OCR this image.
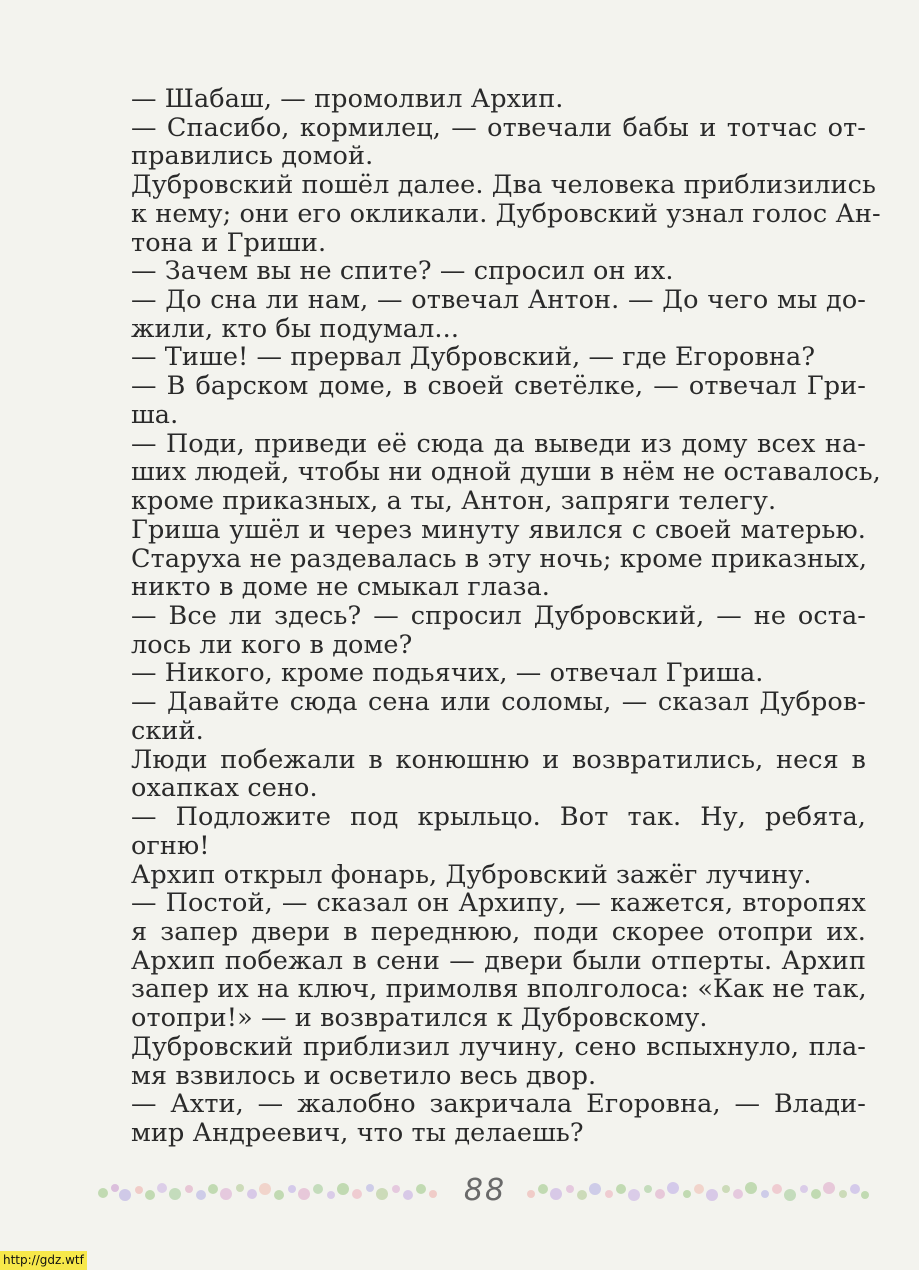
— Шабаш, — промолвил Архип.
— Спасибо, кормилец, — отвечали бабы и тотчас от-
правились домой.
Дубровский пошёл далее. Два человека приблизились
к нему; они его окликали. Дубровский узнал голос Ан-
тона и Гриши.
— Зачем вы не спите? — спросил он их.
— До сна ли нам, — отвечал Антон. — До чего мы до-
жили, кто бы подумал...
— Тише! — прервал Дубровский, — где Егоровна?
— В барском доме, в своей светёлке, — отвечал Гри-
ша.
— Поди, приведи её сюда да выведи из дому всех на-
ших людей, чтобы ни одной души в нём не оставалось,
кроме приказных, а ты, Антон, запряги телегу.
Гриша ушёл и через минуту явился с своей матерью.
Старуха не раздевалась в эту ночь; кроме приказных,
никто в доме не смыкал глаза.
— Все ли здесь? — спросил Дубровский, — не оста-
лось ли кого в доме?
— Никого, кроме подьячих, — отвечал Гриша.
— Давайте сюда сена или соломы, — сказал Дубров-
ский.
Люди побежали в конюшню и возвратились, неся в
охапках сено.
— Подложите под крыльцо. Вот так. Ну, ребята,
огню!
Архип открыл фонарь, Дубровский зажёг лучину.
— Постой, — сказал он Архипу, — кажется, второпях
я запер двери в переднюю, поди скорее отопри их.
Архип побежал в сени — двери были отперты. Архип
запер их на ключ, примолвя вполголоса: «Как не так,
отопри!» — и возвратился к Дубровскому.
Дубровский приблизил лучину, сено вспыхнуло, пла-
мя взвилось и осветило весь двор.
— Ахти, — жалобно закричала Егоровна, — Влади-
мир Андреевич, что ты делаешь?
88
http://gdz.wtf
